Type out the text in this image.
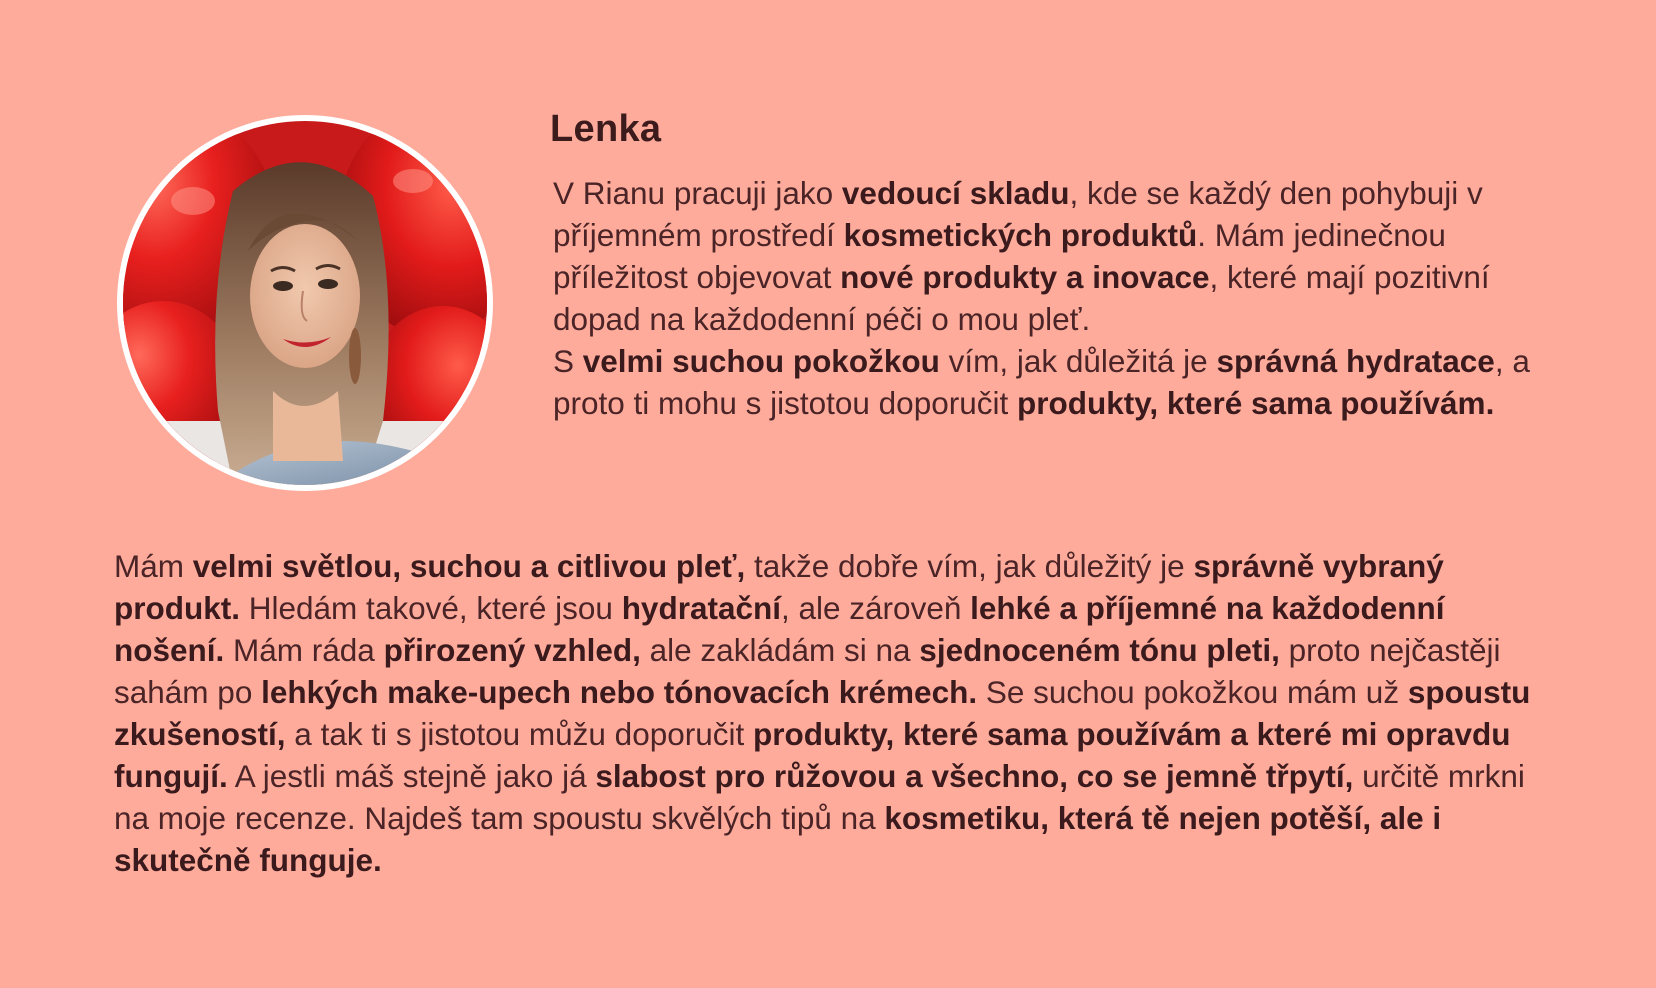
Lenka

V Rianu pracuji jako vedoucí skladu, kde se každý den pohybuji v příjemném prostředí kosmetických produktů. Mám jedinečnou příležitost objevovat nové produkty a inovace, které mají pozitivní dopad na každodenní péči o mou pleť.
S velmi suchou pokožkou vím, jak důležitá je správná hydratace, a proto ti mohu s jistotou doporučit produkty, které sama používám.

Mám velmi světlou, suchou a citlivou pleť, takže dobře vím, jak důležitý je správně vybraný produkt. Hledám takové, které jsou hydratační, ale zároveň lehké a příjemné na každodenní nošení. Mám ráda přirozený vzhled, ale zakládám si na sjednoceném tónu pleti, proto nejčastěji sahám po lehkých make-upech nebo tónovacích krémech. Se suchou pokožkou mám už spoustu zkušeností, a tak ti s jistotou můžu doporučit produkty, které sama používám a které mi opravdu fungují. A jestli máš stejně jako já slabost pro růžovou a všechno, co se jemně třpytí, určitě mrkni na moje recenze. Najdeš tam spoustu skvělých tipů na kosmetiku, která tě nejen potěší, ale i skutečně funguje.
